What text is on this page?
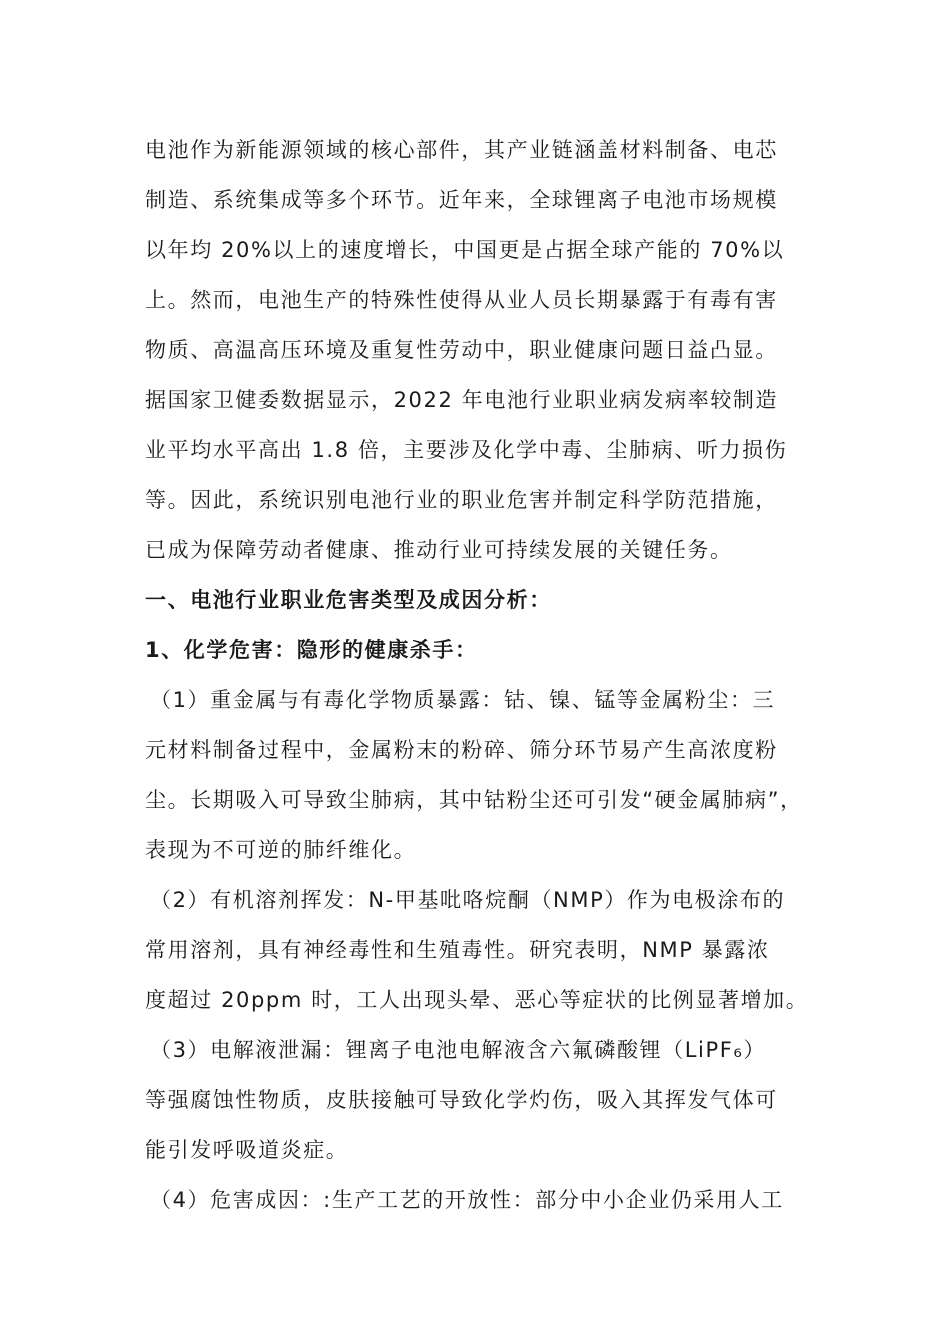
电池作为新能源领域的核心部件，其产业链涵盖材料制备、电芯
制造、系统集成等多个环节。近年来，全球锂离子电池市场规模
以年均 20%以上的速度增长，中国更是占据全球产能的 70%以
上。然而，电池生产的特殊性使得从业人员长期暴露于有毒有害
物质、高温高压环境及重复性劳动中，职业健康问题日益凸显。
据国家卫健委数据显示，2022 年电池行业职业病发病率较制造
业平均水平高出 1.8 倍，主要涉及化学中毒、尘肺病、听力损伤
等。因此，系统识别电池行业的职业危害并制定科学防范措施，
已成为保障劳动者健康、推动行业可持续发展的关键任务。
一、电池行业职业危害类型及成因分析：
1、化学危害：隐形的健康杀手：
（1）重金属与有毒化学物质暴露：钴、镍、锰等金属粉尘：三
元材料制备过程中，金属粉末的粉碎、筛分环节易产生高浓度粉
尘。长期吸入可导致尘肺病，其中钴粉尘还可引发“硬金属肺病”，
表现为不可逆的肺纤维化。
（2）有机溶剂挥发：N-甲基吡咯烷酮（NMP）作为电极涂布的
常用溶剂，具有神经毒性和生殖毒性。研究表明，NMP 暴露浓
度超过 20ppm 时，工人出现头晕、恶心等症状的比例显著增加。
（3）电解液泄漏：锂离子电池电解液含六氟磷酸锂（LiPF₆）
等强腐蚀性物质，皮肤接触可导致化学灼伤，吸入其挥发气体可
能引发呼吸道炎症。
（4）危害成因：:生产工艺的开放性：部分中小企业仍采用人工
